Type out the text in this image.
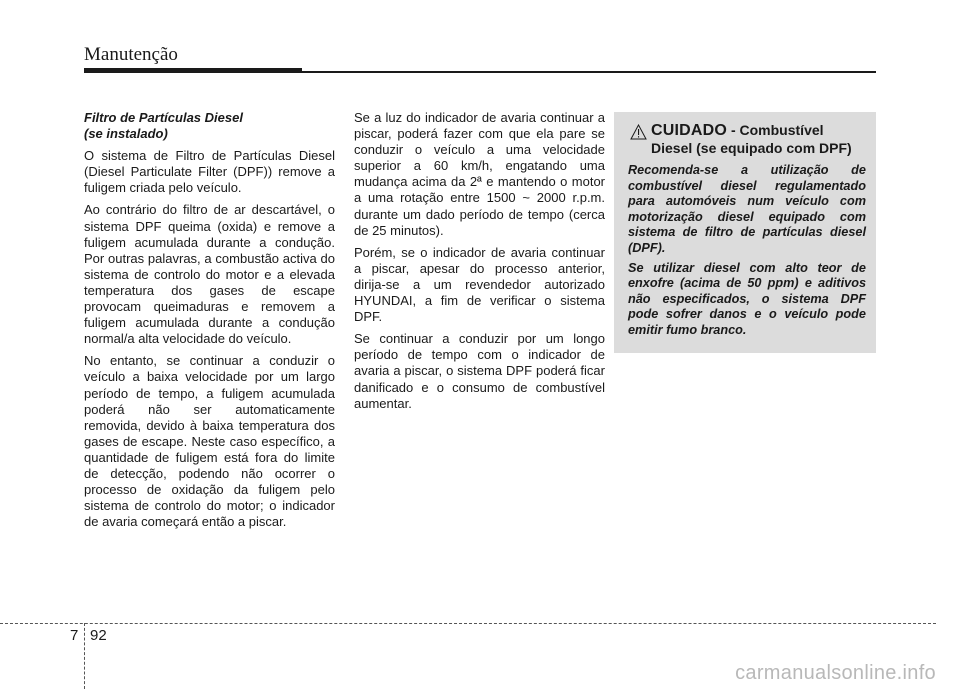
Manutenção
Filtro de Partículas Diesel
(se instalado)

O sistema de Filtro de Partículas Diesel (Diesel Particulate Filter (DPF)) remove a fuligem criada pelo veículo.

Ao contrário do filtro de ar descartável, o sistema DPF queima (oxida) e remove a fuligem acumulada durante a condução. Por outras palavras, a combustão activa do sistema de controlo do motor e a elevada temperatura dos gases de escape provocam queimaduras e removem a fuligem acumulada durante a condução normal/a alta velocidade do veículo.

No entanto, se continuar a conduzir o veículo a baixa velocidade por um largo período de tempo, a fuligem acumulada poderá não ser automaticamente removida, devido à baixa temperatura dos gases de escape. Neste caso específico, a quantidade de fuligem está fora do limite de detecção, podendo não ocorrer o processo de oxidação da fuligem pelo sistema de controlo do motor; o indicador de avaria começará então a piscar.

Se a luz do indicador de avaria continuar a piscar, poderá fazer com que ela pare se conduzir o veículo a uma velocidade superior a 60 km/h, engatando uma mudança acima da 2ª e mantendo o motor a uma rotação entre 1500 ~ 2000 r.p.m. durante um dado período de tempo (cerca de 25 minutos).

Porém, se o indicador de avaria continuar a piscar, apesar do processo anterior, dirija-se a um revendedor autorizado HYUNDAI, a fim de verificar o sistema DPF.

Se continuar a conduzir por um longo período de tempo com o indicador de avaria a piscar, o sistema DPF poderá ficar danificado e o consumo de combustível aumentar.

CUIDADO - Combustível Diesel (se equipado com DPF)

Recomenda-se a utilização de combustível diesel regulamentado para automóveis num veículo com motorização diesel equipado com sistema de filtro de partículas diesel (DPF).

Se utilizar diesel com alto teor de enxofre (acima de 50 ppm) e aditivos não especificados, o sistema DPF pode sofrer danos e o veículo pode emitir fumo branco.

7 92
carmanualsonline.info
